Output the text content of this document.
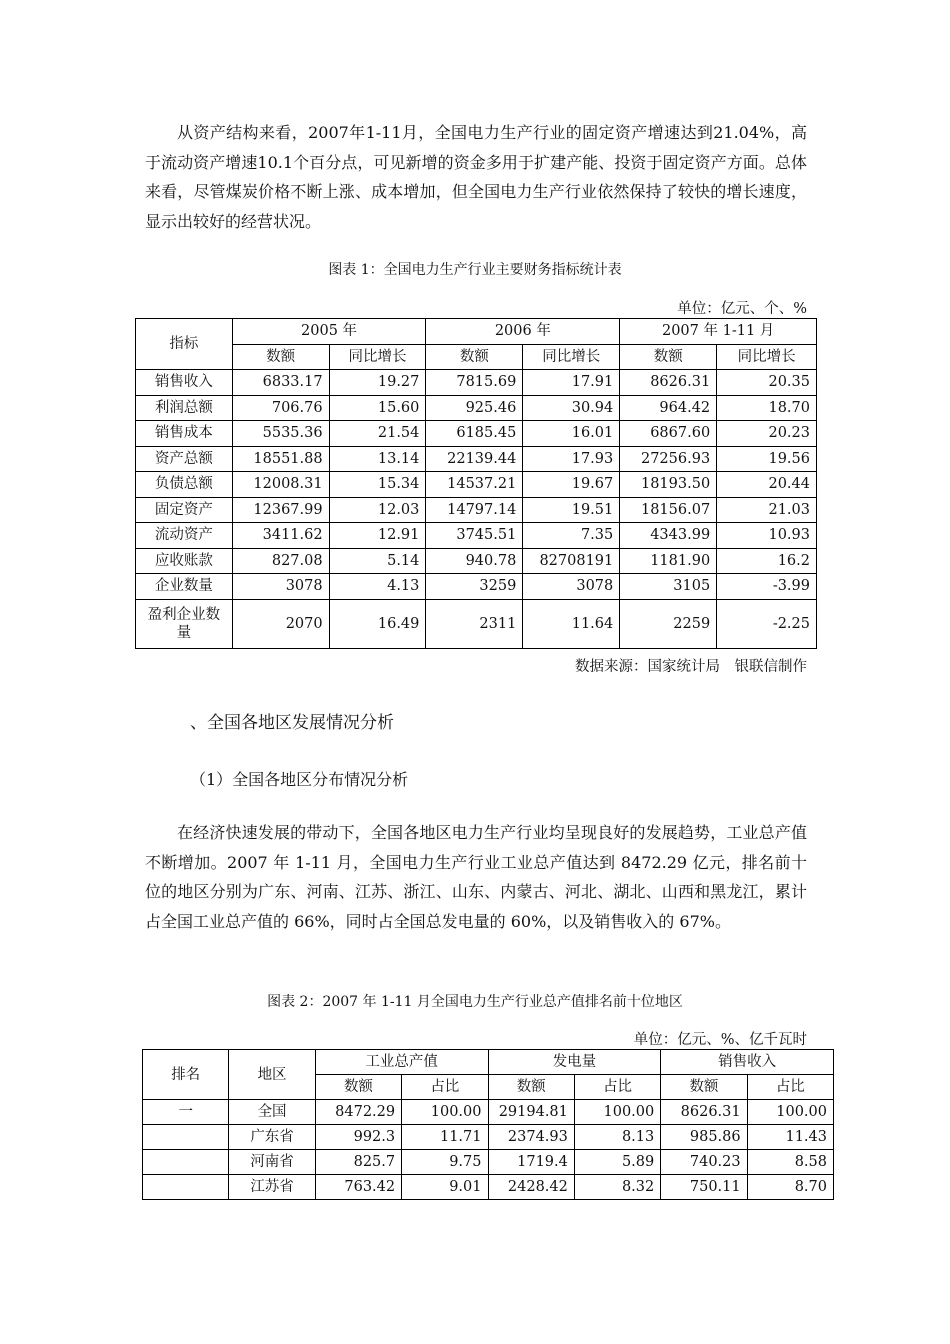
从资产结构来看，2007年1-11月，全国电力生产行业的固定资产增速达到21.04%，高于流动资产增速10.1个百分点，可见新增的资金多用于扩建产能、投资于固定资产方面。总体来看，尽管煤炭价格不断上涨、成本增加，但全国电力生产行业依然保持了较快的增长速度，显示出较好的经营状况。

图表 1：全国电力生产行业主要财务指标统计表

单位：亿元、个、%

指标	2005 年		2006 年		2007 年 1-11 月	
	数额	同比增长	数额	同比增长	数额	同比增长
销售收入	6833.17	19.27	7815.69	17.91	8626.31	20.35
利润总额	706.76	15.60	925.46	30.94	964.42	18.70
销售成本	5535.36	21.54	6185.45	16.01	6867.60	20.23
资产总额	18551.88	13.14	22139.44	17.93	27256.93	19.56
负债总额	12008.31	15.34	14537.21	19.67	18193.50	20.44
固定资产	12367.99	12.03	14797.14	19.51	18156.07	21.03
流动资产	3411.62	12.91	3745.51	7.35	4343.99	10.93
应收账款	827.08	5.14	940.78	82708191	1181.90	16.2
企业数量	3078	4.13	3259	3078	3105	-3.99
盈利企业数量	2070	16.49	2311	11.64	2259	-2.25

数据来源：国家统计局　银联信制作

、全国各地区发展情况分析

（1）全国各地区分布情况分析

在经济快速发展的带动下，全国各地区电力生产行业均呈现良好的发展趋势，工业总产值不断增加。2007 年 1-11 月，全国电力生产行业工业总产值达到 8472.29 亿元，排名前十位的地区分别为广东、河南、江苏、浙江、山东、内蒙古、河北、湖北、山西和黑龙江，累计占全国工业总产值的 66%，同时占全国总发电量的 60%，以及销售收入的 67%。

图表 2：2007 年 1-11 月全国电力生产行业总产值排名前十位地区

单位：亿元、%、亿千瓦时

排名	地区	工业总产值		发电量		销售收入	
		数额	占比	数额	占比	数额	占比
一	全国	8472.29	100.00	29194.81	100.00	8626.31	100.00
	广东省	992.3	11.71	2374.93	8.13	985.86	11.43
	河南省	825.7	9.75	1719.4	5.89	740.23	8.58
	江苏省	763.42	9.01	2428.42	8.32	750.11	8.70
